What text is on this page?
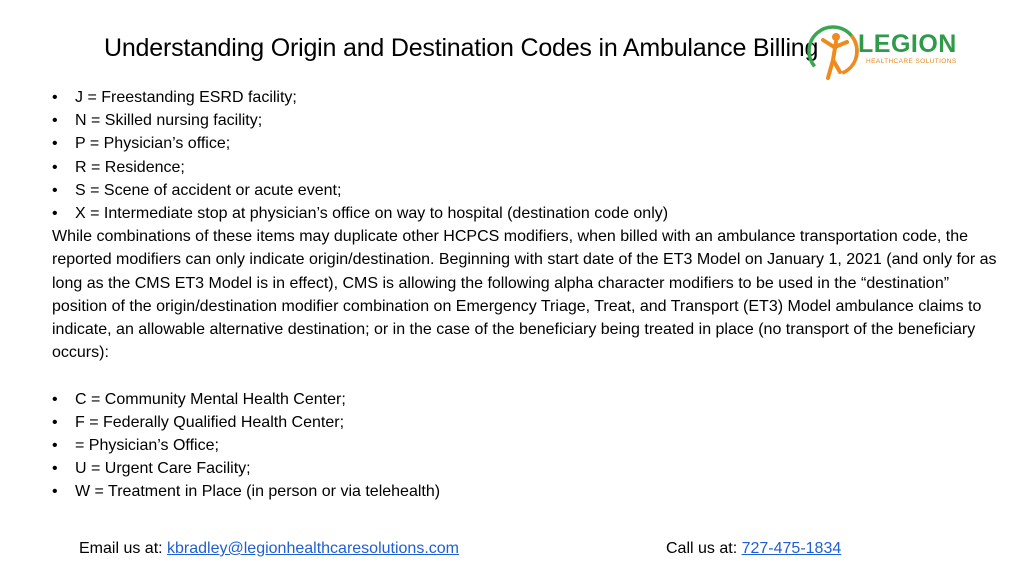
Understanding Origin and Destination Codes in Ambulance Billing	LEGION
HEALTHCARE SOLUTIONS
• J = Freestanding ESRD facility;
• N = Skilled nursing facility;
• P = Physician’s office;
• R = Residence;
• S = Scene of accident or acute event;
• X = Intermediate stop at physician’s office on way to hospital (destination code only)

While combinations of these items may duplicate other HCPCS modifiers, when billed with an ambulance transportation code, the reported modifiers can only indicate origin/destination. Beginning with start date of the ET3 Model on January 1, 2021 (and only for as long as the CMS ET3 Model is in effect), CMS is allowing the following alpha character modifiers to be used in the “destination” position of the origin/destination modifier combination on Emergency Triage, Treat, and Transport (ET3) Model ambulance claims to indicate, an allowable alternative destination; or in the case of the beneficiary being treated in place (no transport of the beneficiary occurs):

• C = Community Mental Health Center;
• F = Federally Qualified Health Center;
• = Physician’s Office;
• U = Urgent Care Facility;
• W = Treatment in Place (in person or via telehealth)
Email us at: kbradley@legionhealthcaresolutions.com	Call us at: 727-475-1834
